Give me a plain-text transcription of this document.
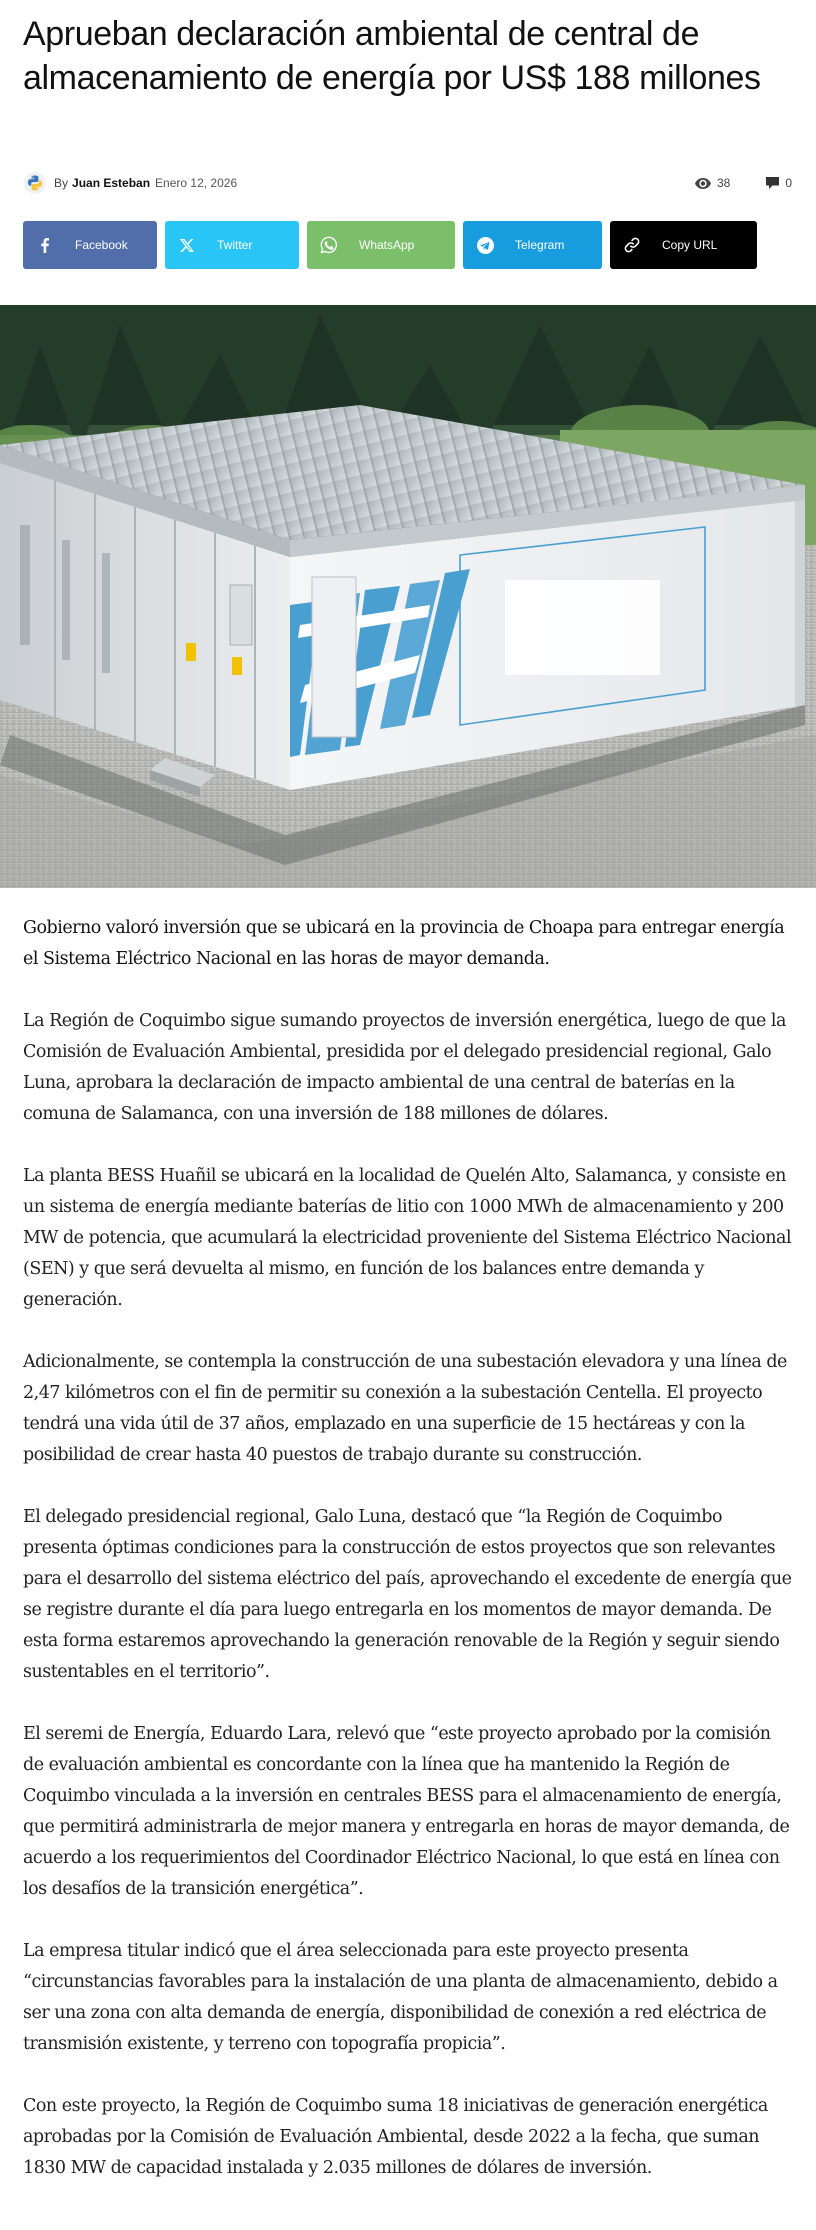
Aprueban declaración ambiental de central de almacenamiento de energía por US$ 188 millones
By Juan Esteban Enero 12, 2026	38	0
Facebook	Twitter	WhatsApp	Telegram	Copy URL

Gobierno valoró inversión que se ubicará en la provincia de Choapa para entregar energía el Sistema Eléctrico Nacional en las horas de mayor demanda.

La Región de Coquimbo sigue sumando proyectos de inversión energética, luego de que la Comisión de Evaluación Ambiental, presidida por el delegado presidencial regional, Galo Luna, aprobara la declaración de impacto ambiental de una central de baterías en la comuna de Salamanca, con una inversión de 188 millones de dólares.

La planta BESS Huañil se ubicará en la localidad de Quelén Alto, Salamanca, y consiste en un sistema de energía mediante baterías de litio con 1000 MWh de almacenamiento y 200 MW de potencia, que acumulará la electricidad proveniente del Sistema Eléctrico Nacional (SEN) y que será devuelta al mismo, en función de los balances entre demanda y generación.

Adicionalmente, se contempla la construcción de una subestación elevadora y una línea de 2,47 kilómetros con el fin de permitir su conexión a la subestación Centella. El proyecto tendrá una vida útil de 37 años, emplazado en una superficie de 15 hectáreas y con la posibilidad de crear hasta 40 puestos de trabajo durante su construcción.

El delegado presidencial regional, Galo Luna, destacó que “la Región de Coquimbo presenta óptimas condiciones para la construcción de estos proyectos que son relevantes para el desarrollo del sistema eléctrico del país, aprovechando el excedente de energía que se registre durante el día para luego entregarla en los momentos de mayor demanda. De esta forma estaremos aprovechando la generación renovable de la Región y seguir siendo sustentables en el territorio”.

El seremi de Energía, Eduardo Lara, relevó que “este proyecto aprobado por la comisión de evaluación ambiental es concordante con la línea que ha mantenido la Región de Coquimbo vinculada a la inversión en centrales BESS para el almacenamiento de energía, que permitirá administrarla de mejor manera y entregarla en horas de mayor demanda, de acuerdo a los requerimientos del Coordinador Eléctrico Nacional, lo que está en línea con los desafíos de la transición energética”.

La empresa titular indicó que el área seleccionada para este proyecto presenta “circunstancias favorables para la instalación de una planta de almacenamiento, debido a ser una zona con alta demanda de energía, disponibilidad de conexión a red eléctrica de transmisión existente, y terreno con topografía propicia”.

Con este proyecto, la Región de Coquimbo suma 18 iniciativas de generación energética aprobadas por la Comisión de Evaluación Ambiental, desde 2022 a la fecha, que suman 1830 MW de capacidad instalada y 2.035 millones de dólares de inversión.
